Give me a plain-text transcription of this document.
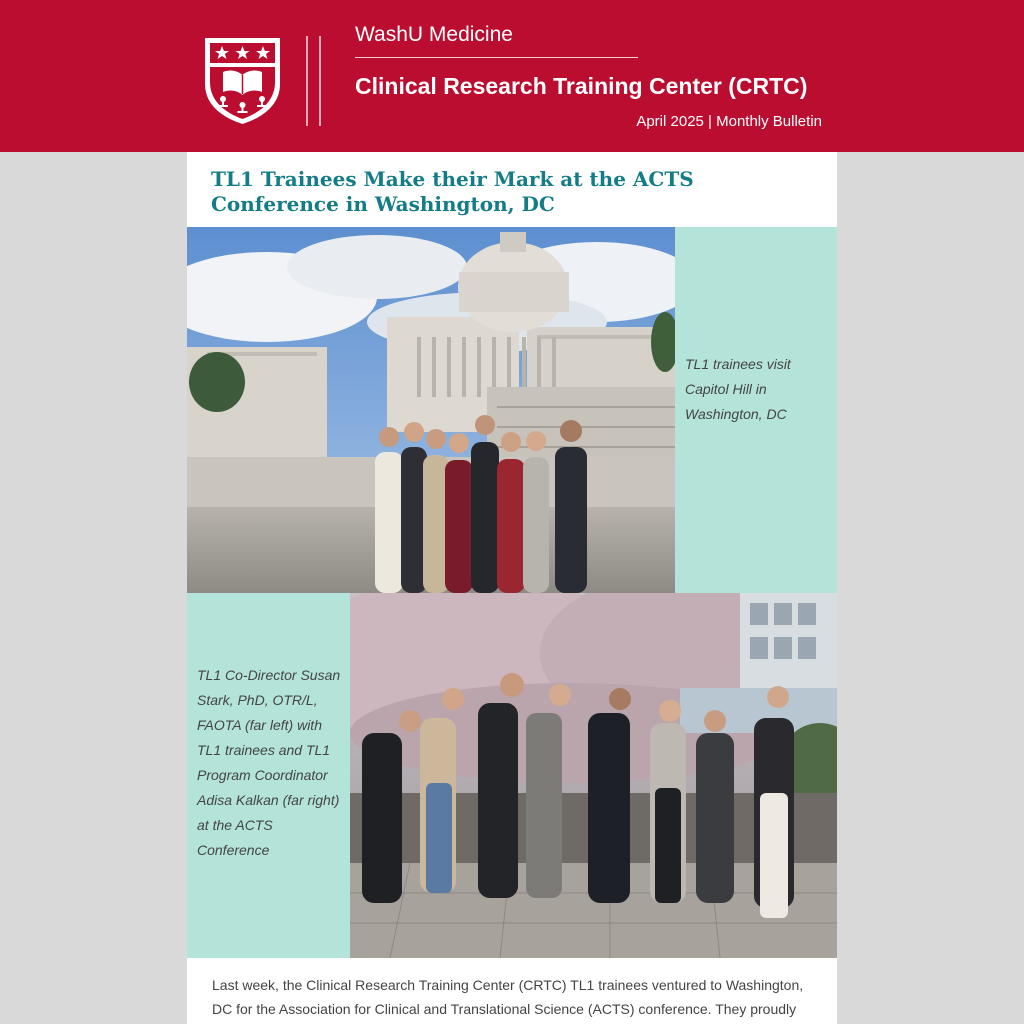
WashU Medicine
Clinical Research Training Center (CRTC)
April 2025 | Monthly Bulletin
TL1 Trainees Make their Mark at the ACTS Conference in Washington, DC
TL1 trainees visit Capitol Hill in Washington, DC
TL1 Co-Director Susan Stark, PhD, OTR/L, FAOTA (far left) with TL1 trainees and TL1 Program Coordinator Adisa Kalkan (far right) at the ACTS Conference
Last week, the Clinical Research Training Center (CRTC) TL1 trainees ventured to Washington, DC for the Association for Clinical and Translational Science (ACTS) conference. They proudly
